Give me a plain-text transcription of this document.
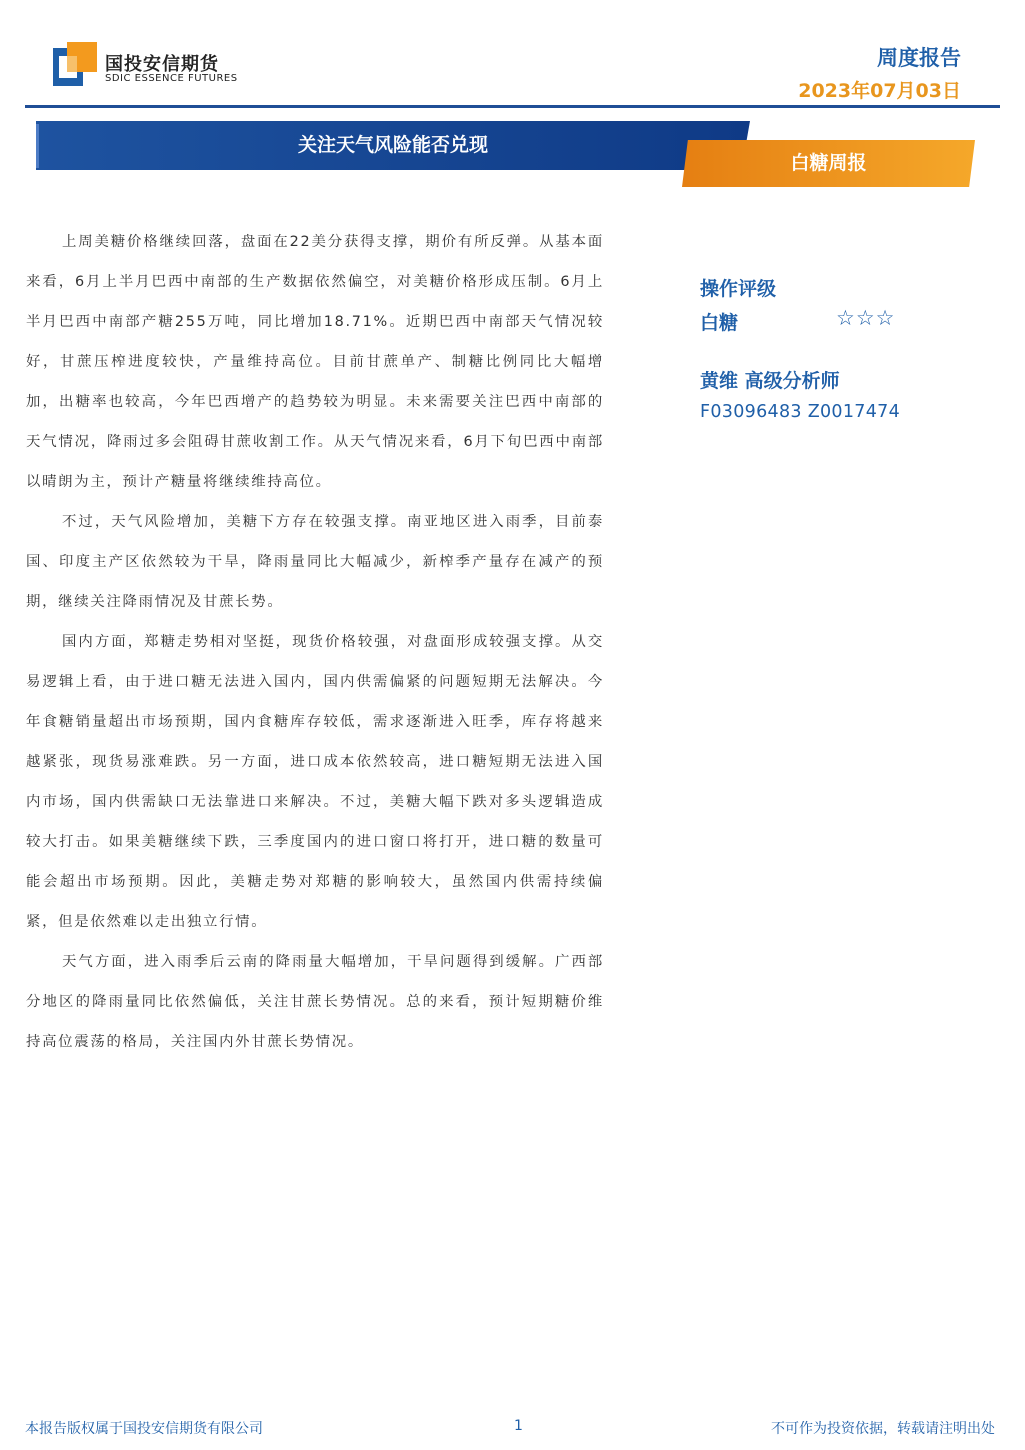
国投安信期货
SDIC ESSENCE FUTURES
周度报告
2023年07月03日
关注天气风险能否兑现
白糖周报

上周美糖价格继续回落，盘面在22美分获得支撑，期价有所反弹。从基本面来看，6月上半月巴西中南部的生产数据依然偏空，对美糖价格形成压制。6月上半月巴西中南部产糖255万吨，同比增加18.71%。近期巴西中南部天气情况较好，甘蔗压榨进度较快，产量维持高位。目前甘蔗单产、制糖比例同比大幅增加，出糖率也较高，今年巴西增产的趋势较为明显。未来需要关注巴西中南部的天气情况，降雨过多会阻碍甘蔗收割工作。从天气情况来看，6月下旬巴西中南部以晴朗为主，预计产糖量将继续维持高位。

不过，天气风险增加，美糖下方存在较强支撑。南亚地区进入雨季，目前泰国、印度主产区依然较为干旱，降雨量同比大幅减少，新榨季产量存在减产的预期，继续关注降雨情况及甘蔗长势。

国内方面，郑糖走势相对坚挺，现货价格较强，对盘面形成较强支撑。从交易逻辑上看，由于进口糖无法进入国内，国内供需偏紧的问题短期无法解决。今年食糖销量超出市场预期，国内食糖库存较低，需求逐渐进入旺季，库存将越来越紧张，现货易涨难跌。另一方面，进口成本依然较高，进口糖短期无法进入国内市场，国内供需缺口无法靠进口来解决。不过，美糖大幅下跌对多头逻辑造成较大打击。如果美糖继续下跌，三季度国内的进口窗口将打开，进口糖的数量可能会超出市场预期。因此，美糖走势对郑糖的影响较大，虽然国内供需持续偏紧，但是依然难以走出独立行情。

天气方面，进入雨季后云南的降雨量大幅增加，干旱问题得到缓解。广西部分地区的降雨量同比依然偏低，关注甘蔗长势情况。总的来看，预计短期糖价维持高位震荡的格局，关注国内外甘蔗长势情况。

操作评级
白糖	☆☆☆
黄维 高级分析师
F03096483 Z0017474
本报告版权属于国投安信期货有限公司	1	不可作为投资依据，转载请注明出处
